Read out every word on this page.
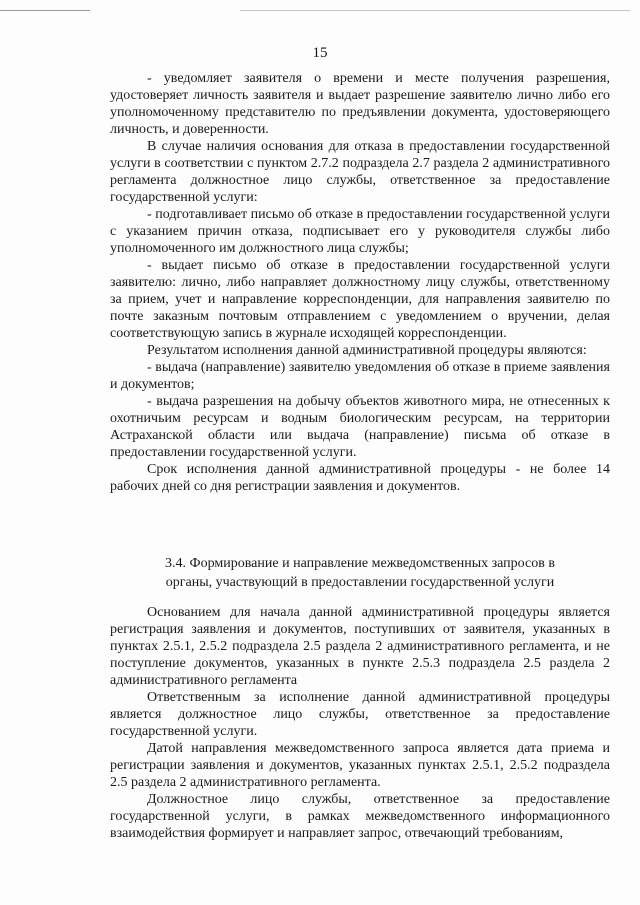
15

- уведомляет заявителя о времени и месте получения разрешения, удостоверяет личность заявителя и выдает разрешение заявителю лично либо его уполномоченному представителю по предъявлении документа, удостоверяющего личность, и доверенности.

В случае наличия основания для отказа в предоставлении государственной услуги в соответствии с пунктом 2.7.2 подраздела 2.7 раздела 2 административного регламента должностное лицо службы, ответственное за предоставление государственной услуги:

- подготавливает письмо об отказе в предоставлении государственной услуги с указанием причин отказа, подписывает его у руководителя службы либо уполномоченного им должностного лица службы;

- выдает письмо об отказе в предоставлении государственной услуги заявителю: лично, либо направляет должностному лицу службы, ответственному за прием, учет и направление корреспонденции, для направления заявителю по почте заказным почтовым отправлением с уведомлением о вручении, делая соответствующую запись в журнале исходящей корреспонденции.

Результатом исполнения данной административной процедуры являются:

- выдача (направление) заявителю уведомления об отказе в приеме заявления и документов;

- выдача разрешения на добычу объектов животного мира, не отнесенных к охотничьим ресурсам и водным биологическим ресурсам, на территории Астраханской области или выдача (направление) письма об отказе в предоставлении государственной услуги.

Срок исполнения данной административной процедуры - не более 14 рабочих дней со дня регистрации заявления и документов.

3.4. Формирование и направление межведомственных запросов в
органы, участвующий в предоставлении государственной услуги

Основанием для начала данной административной процедуры является регистрация заявления и документов, поступивших от заявителя, указанных в пунктах 2.5.1, 2.5.2 подраздела 2.5 раздела 2 административного регламента, и не поступление документов, указанных в пункте 2.5.3 подраздела 2.5 раздела 2 административного регламента

Ответственным за исполнение данной административной процедуры является должностное лицо службы, ответственное за предоставление государственной услуги.

Датой направления межведомственного запроса является дата приема и регистрации заявления и документов, указанных пунктах 2.5.1, 2.5.2 подраздела 2.5 раздела 2 административного регламента.

Должностное лицо службы, ответственное за предоставление государственной услуги, в рамках межведомственного информационного взаимодействия формирует и направляет запрос, отвечающий требованиям,
